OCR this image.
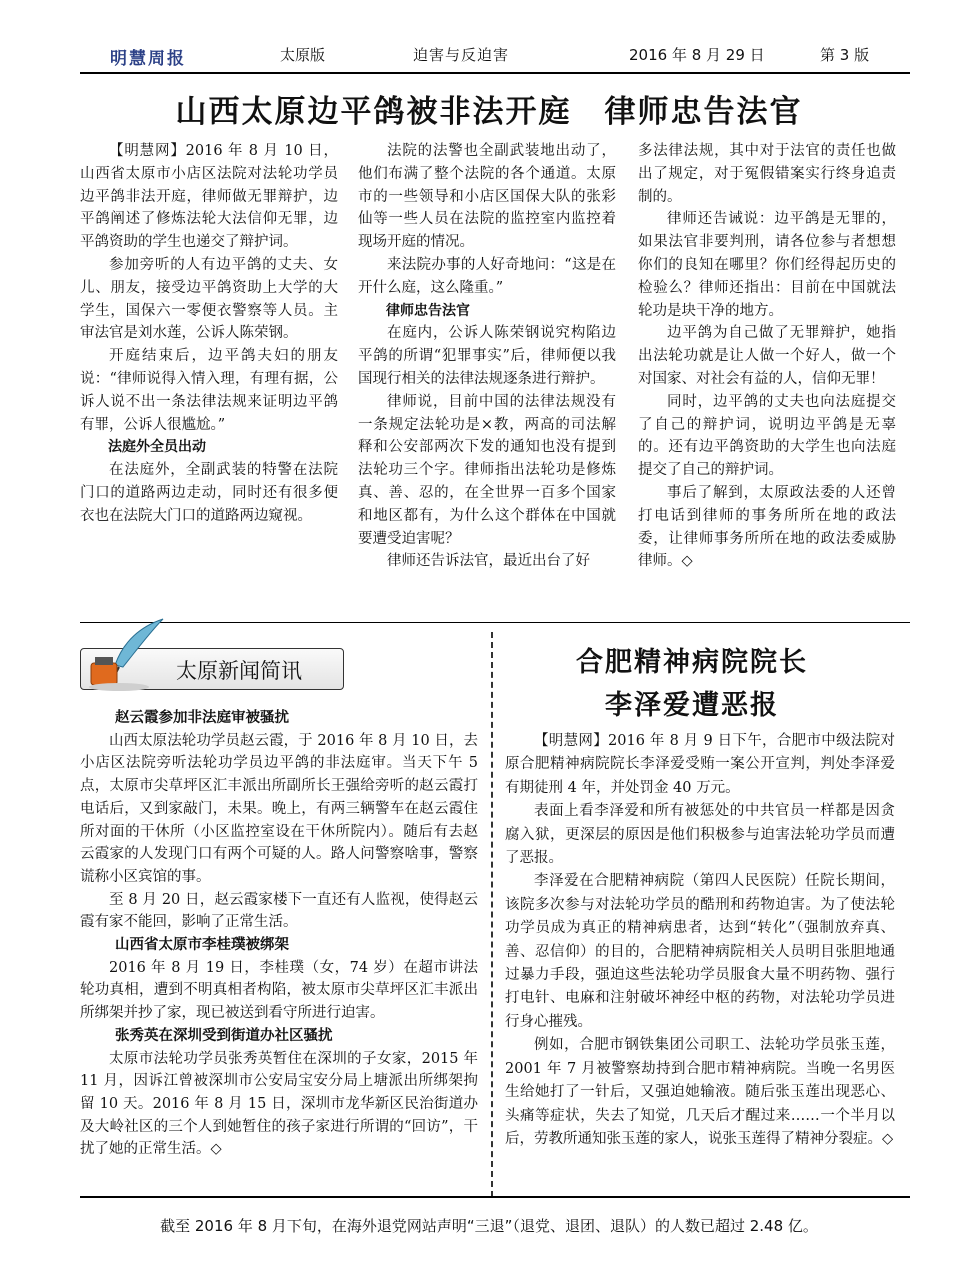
明慧周报	太原版	迫害与反迫害	2016 年 8 月 29 日	第 3 版
山西太原边平鸽被非法开庭　律师忠告法官

【明慧网】2016 年 8 月 10 日，山西省太原市小店区法院对法轮功学员边平鸽非法开庭，律师做无罪辩护，边平鸽阐述了修炼法轮大法信仰无罪，边平鸽资助的学生也递交了辩护词。

参加旁听的人有边平鸽的丈夫、女儿、朋友，接受边平鸽资助上大学的大学生，国保六一零便衣警察等人员。主审法官是刘水莲，公诉人陈荣钢。

开庭结束后，边平鸽夫妇的朋友说：“律师说得入情入理，有理有据，公诉人说不出一条法律法规来证明边平鸽有罪，公诉人很尴尬。”

法庭外全员出动

在法庭外，全副武装的特警在法院门口的道路两边走动，同时还有很多便衣也在法院大门口的道路两边窥视。

法院的法警也全副武装地出动了，他们布满了整个法院的各个通道。太原市的一些领导和小店区国保大队的张彩仙等一些人员在法院的监控室内监控着现场开庭的情况。

来法院办事的人好奇地问：“这是在开什么庭，这么隆重。”

律师忠告法官

在庭内，公诉人陈荣钢说究构陷边平鸽的所谓“犯罪事实”后，律师便以我国现行相关的法律法规逐条进行辩护。

律师说，目前中国的法律法规没有一条规定法轮功是×教，两高的司法解释和公安部两次下发的通知也没有提到法轮功三个字。律师指出法轮功是修炼真、善、忍的，在全世界一百多个国家和地区都有，为什么这个群体在中国就要遭受迫害呢？

律师还告诉法官，最近出台了好

多法律法规，其中对于法官的责任也做出了规定，对于冤假错案实行终身追责制的。

律师还告诫说：边平鸽是无罪的，如果法官非要判刑，请各位参与者想想你们的良知在哪里？你们经得起历史的检验么？律师还指出：目前在中国就法轮功是块干净的地方。

边平鸽为自己做了无罪辩护，她指出法轮功就是让人做一个好人，做一个对国家、对社会有益的人，信仰无罪！

同时，边平鸽的丈夫也向法庭提交了自己的辩护词，说明边平鸽是无辜的。还有边平鸽资助的大学生也向法庭提交了自己的辩护词。

事后了解到，太原政法委的人还曾打电话到律师的事务所所在地的政法委，让律师事务所所在地的政法委威胁律师。◇

太原新闻简讯

赵云霞参加非法庭审被骚扰

山西太原法轮功学员赵云霞，于 2016 年 8 月 10 日，去小店区法院旁听法轮功学员边平鸽的非法庭审。当天下午 5 点，太原市尖草坪区汇丰派出所副所长王强给旁听的赵云霞打电话后，又到家敲门，未果。晚上，有两三辆警车在赵云霞住所对面的干休所（小区监控室设在干休所院内）。随后有去赵云霞家的人发现门口有两个可疑的人。路人问警察啥事，警察谎称小区宾馆的事。

至 8 月 20 日，赵云霞家楼下一直还有人监视，使得赵云霞有家不能回，影响了正常生活。

山西省太原市李桂璞被绑架

2016 年 8 月 19 日，李桂璞（女，74 岁）在超市讲法轮功真相，遭到不明真相者构陷，被太原市尖草坪区汇丰派出所绑架并抄了家，现已被送到看守所进行迫害。

张秀英在深圳受到街道办社区骚扰

太原市法轮功学员张秀英暂住在深圳的子女家，2015 年 11 月，因诉江曾被深圳市公安局宝安分局上塘派出所绑架拘留 10 天。2016 年 8 月 15 日，深圳市龙华新区民治街道办及大岭社区的三个人到她暂住的孩子家进行所谓的“回访”，干扰了她的正常生活。◇

合肥精神病院院长
李泽爱遭恶报

【明慧网】2016 年 8 月 9 日下午，合肥市中级法院对原合肥精神病院院长李泽爱受贿一案公开宣判，判处李泽爱有期徒刑 4 年，并处罚金 40 万元。

表面上看李泽爱和所有被惩处的中共官员一样都是因贪腐入狱，更深层的原因是他们积极参与迫害法轮功学员而遭了恶报。

李泽爱在合肥精神病院（第四人民医院）任院长期间，该院多次参与对法轮功学员的酷刑和药物迫害。为了使法轮功学员成为真正的精神病患者，达到“转化”（强制放弃真、善、忍信仰）的目的，合肥精神病院相关人员明目张胆地通过暴力手段，强迫这些法轮功学员服食大量不明药物、强行打电针、电麻和注射破坏神经中枢的药物，对法轮功学员进行身心摧残。

例如，合肥市钢铁集团公司职工、法轮功学员张玉莲，2001 年 7 月被警察劫持到合肥市精神病院。当晚一名男医生给她打了一针后，又强迫她输液。随后张玉莲出现恶心、头痛等症状，失去了知觉，几天后才醒过来……一个半月以后，劳教所通知张玉莲的家人，说张玉莲得了精神分裂症。◇

截至 2016 年 8 月下旬，在海外退党网站声明“三退”（退党、退团、退队）的人数已超过 2.48 亿。
